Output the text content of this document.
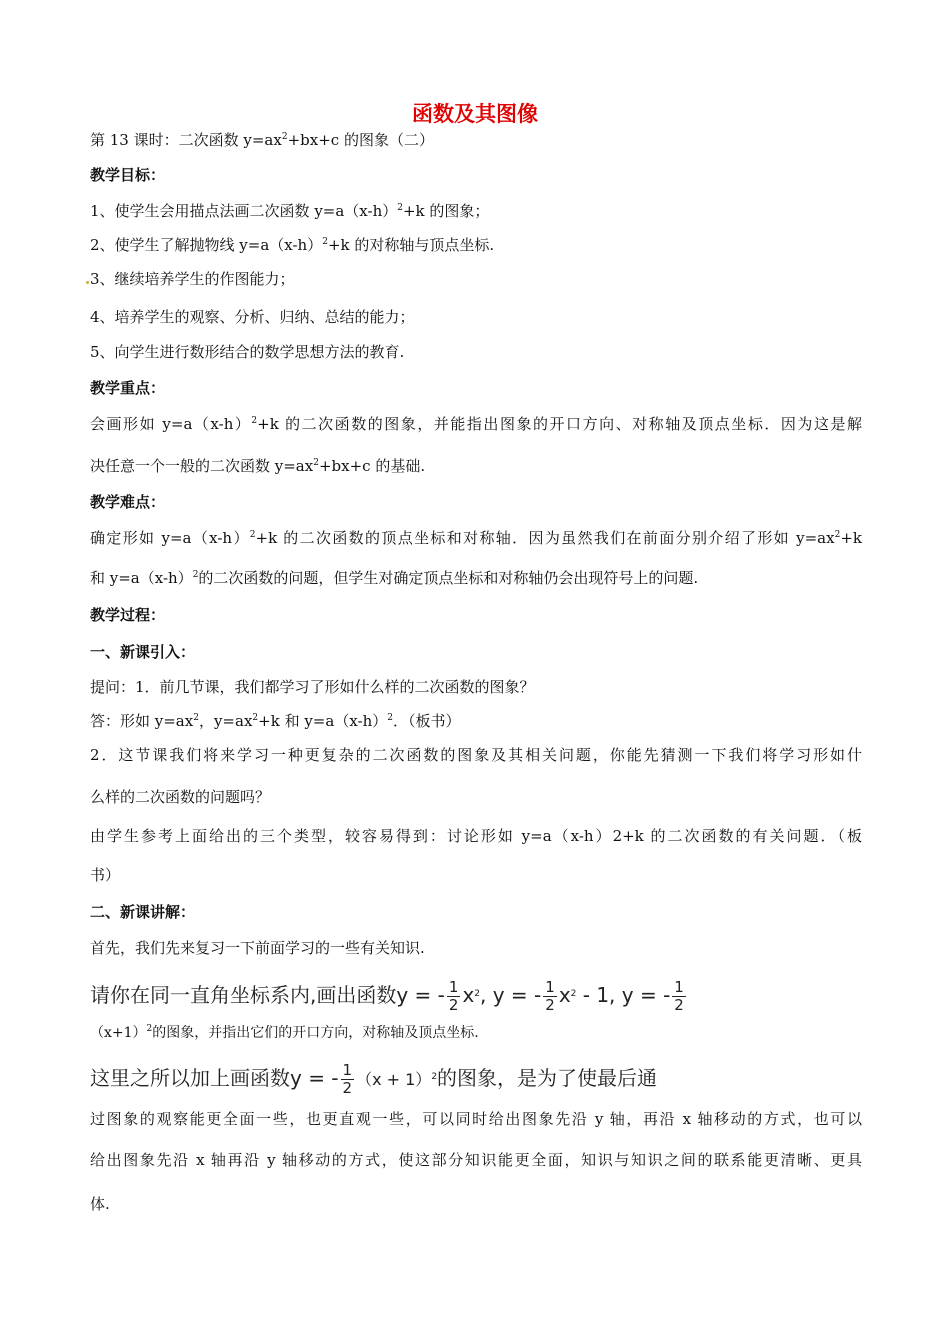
函数及其图像
第 13 课时：二次函数 $y=ax^2+bx+c$ 的图象（二）
教学目标：
1、使学生会用描点法画二次函数 $y=a(x-h)^2+k$ 的图象；
2、使学生了解抛物线 $y=a(x-h)^2+k$ 的对称轴与顶点坐标.
3、继续培养学生的作图能力；
4、培养学生的观察、分析、归纳、总结的能力；
5、向学生进行数形结合的数学思想方法的教育.
教学重点：
会画形如 $y=a(x-h)^2+k$ 的二次函数的图象，并能指出图象的开口方向、对称轴及顶点坐标．因为这是解
决任意一个一般的二次函数 $y=ax^2+bx+c$ 的基础.
教学难点：
确定形如 $y=a(x-h)^2+k$ 的二次函数的顶点坐标和对称轴．因为虽然我们在前面分别介绍了形如 $y=ax^2+k$
和 $y=a(x-h)^2$的二次函数的问题，但学生对确定顶点坐标和对称轴仍会出现符号上的问题.
教学过程：
一、新课引入：
提问：1．前几节课，我们都学习了形如什么样的二次函数的图象？
答：形如 $y=ax^2$，$y=ax^2+k$ 和 $y=a(x-h)^2$．（板书）
2．这节课我们将来学习一种更复杂的二次函数的图象及其相关问题，你能先猜测一下我们将学习形如什
么样的二次函数的问题吗？
由学生参考上面给出的三个类型，较容易得到：讨论形如 y=a（x-h）2+k 的二次函数的有关问题．（板
书）
二、新课讲解：
首先，我们先来复习一下前面学习的一些有关知识.
请你在同一直角坐标系内,画出函数y = - $\frac{1}{2} x^2$, y = - $\frac{1}{2} x^2 - 1$, y = - $\frac{1}{2}$
$(x+1)^2$的图象，并指出它们的开口方向，对称轴及顶点坐标.
这里之所以加上画函数y = - $\frac{1}{2} (x + 1)^2$的图象，是为了使最后通
过图象的观察能更全面一些，也更直观一些，可以同时给出图象先沿 y 轴，再沿 x 轴移动的方式，也可以
给出图象先沿 x 轴再沿 y 轴移动的方式，使这部分知识能更全面，知识与知识之间的联系能更清晰、更具
体.
